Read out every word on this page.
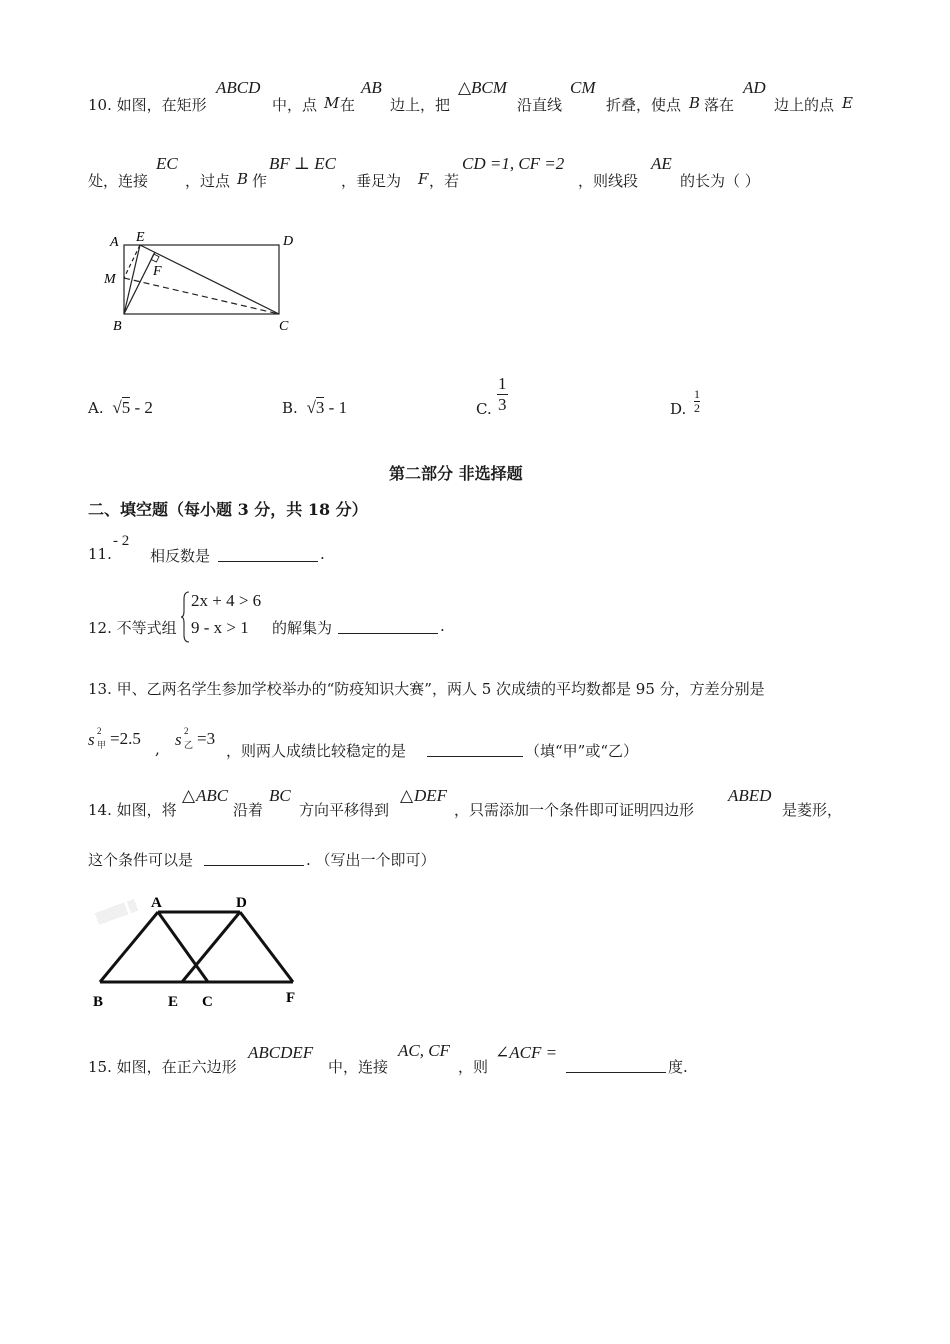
10. 如图，在矩形
ABCD
中，点 M 在
AB
边上，把
△ BCM
沿直线
CM
折叠，使点 B 落在
AD
边上的点 E
处，连接
EC
，过点 B 作
BF ⊥ EC
，垂足为 F ，若
CD =1, CF =2
，则线段
AE
的长为（ ）
A E	D
M
F
B	C
A. √5 - 2	B. √3 - 1	C. $\frac{1}{3}$	D. $\frac{1}{2}$
第二部分 非选择题
二、填空题（每小题 3 分，共 18 分）
11.
- 2
相反数是	.
12. 不等式组
2x + 4 > 6
9 - x > 1 的解集为	.
13. 甲、乙两名学生参加学校举办的“防疫知识大赛”，两人 5 次成绩的平均数都是 95 分，方差分别是
s 2
甲 =2.5
, s 2
乙 =3
，则两人成绩比较稳定的是	（填“甲”或“乙）
14. 如图，将
△ ABC
沿着
BC
方向平移得到
△ DEF
，只需添加一个条件即可证明四边形
ABED
是菱形，
这个条件可以是	. （写出一个即可）
▒▒▒▒ ▒ A	D
B	E C	F
15. 如图，在正六边形
ABCDEF
中，连接
AC, CF
，则
∠ACF =
度.
